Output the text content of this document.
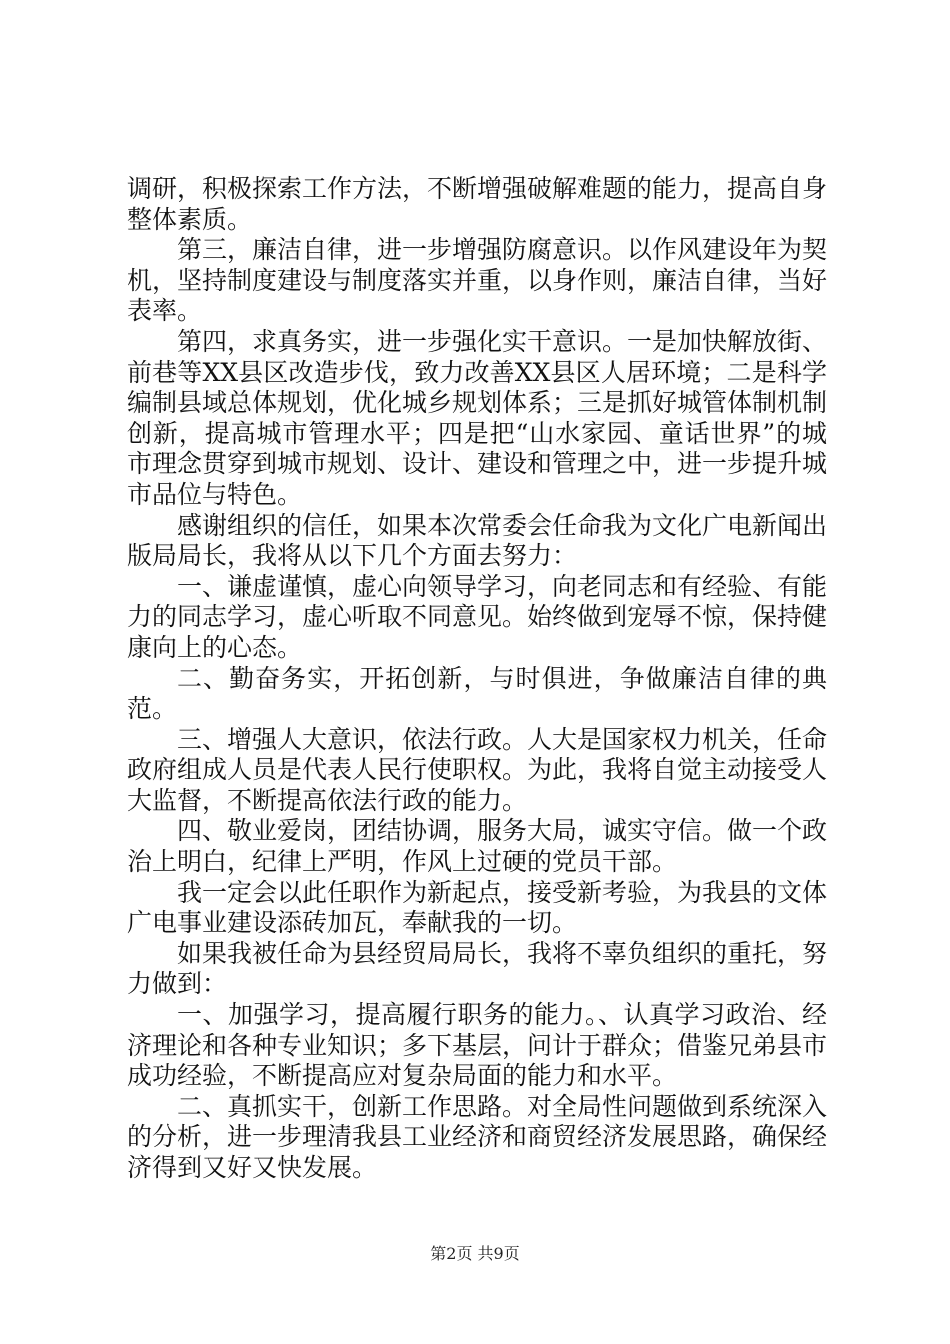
调研，积极探索工作方法，不断增强破解难题的能力，提高自身整体素质。

第三，廉洁自律，进一步增强防腐意识。以作风建设年为契机，坚持制度建设与制度落实并重，以身作则，廉洁自律，当好表率。

第四，求真务实，进一步强化实干意识。一是加快解放街、前巷等XX县区改造步伐，致力改善XX县区人居环境；二是科学编制县域总体规划，优化城乡规划体系；三是抓好城管体制机制创新，提高城市管理水平；四是把“山水家园、童话世界”的城市理念贯穿到城市规划、设计、建设和管理之中，进一步提升城市品位与特色。

感谢组织的信任，如果本次常委会任命我为文化广电新闻出版局局长，我将从以下几个方面去努力：

一、谦虚谨慎，虚心向领导学习，向老同志和有经验、有能力的同志学习，虚心听取不同意见。始终做到宠辱不惊，保持健康向上的心态。

二、勤奋务实，开拓创新，与时俱进，争做廉洁自律的典范。

三、增强人大意识，依法行政。人大是国家权力机关，任命政府组成人员是代表人民行使职权。为此，我将自觉主动接受人大监督，不断提高依法行政的能力。

四、敬业爱岗，团结协调，服务大局，诚实守信。做一个政治上明白，纪律上严明，作风上过硬的党员干部。

我一定会以此任职作为新起点，接受新考验，为我县的文体广电事业建设添砖加瓦，奉献我的一切。

如果我被任命为县经贸局局长，我将不辜负组织的重托，努力做到：

一、加强学习，提高履行职务的能力。、认真学习政治、经济理论和各种专业知识；多下基层，问计于群众；借鉴兄弟县市成功经验，不断提高应对复杂局面的能力和水平。

二、真抓实干，创新工作思路。对全局性问题做到系统深入的分析，进一步理清我县工业经济和商贸经济发展思路，确保经济得到又好又快发展。

第2页 共9页
